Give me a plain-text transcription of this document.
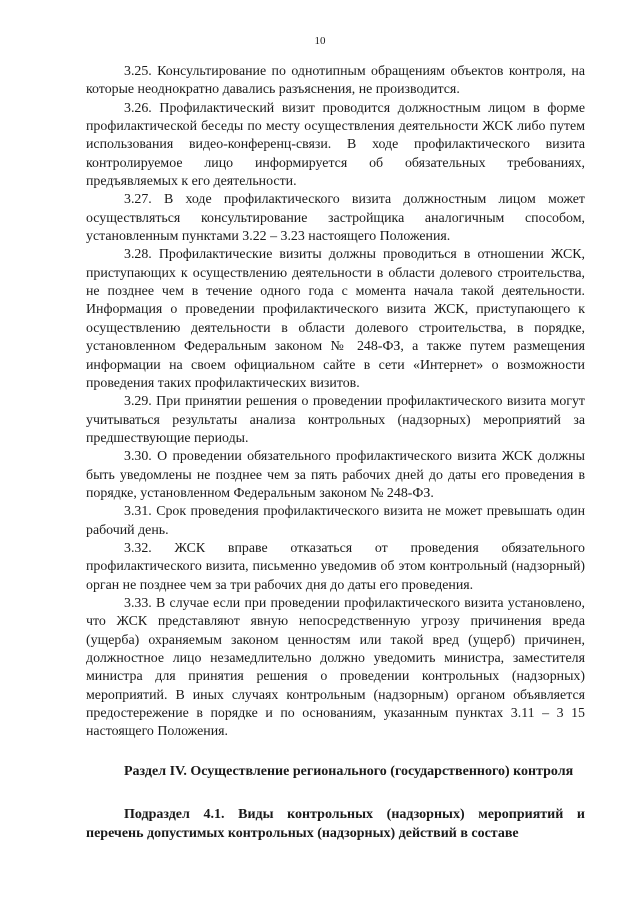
10

3.25. Консультирование по однотипным обращениям объектов контроля, на которые неоднократно давались разъяснения, не производится.

3.26. Профилактический визит проводится должностным лицом в форме профилактической беседы по месту осуществления деятельности ЖСК либо путем использования видео-конференц-связи. В ходе профилактического визита контролируемое лицо информируется об обязательных требованиях, предъявляемых к его деятельности.

3.27. В ходе профилактического визита должностным лицом может осуществляться консультирование застройщика аналогичным способом, установленным пунктами 3.22 – 3.23 настоящего Положения.

3.28. Профилактические визиты должны проводиться в отношении ЖСК, приступающих к осуществлению деятельности в области долевого строительства, не позднее чем в течение одного года с момента начала такой деятельности. Информация о проведении профилактического визита ЖСК, приступающего к осуществлению деятельности в области долевого строительства, в порядке, установленном Федеральным законом № 248-ФЗ, а также путем размещения информации на своем официальном сайте в сети «Интернет» о возможности проведения таких профилактических визитов.

3.29. При принятии решения о проведении профилактического визита могут учитываться результаты анализа контрольных (надзорных) мероприятий за предшествующие периоды.

3.30. О проведении обязательного профилактического визита ЖСК должны быть уведомлены не позднее чем за пять рабочих дней до даты его проведения в порядке, установленном Федеральным законом № 248-ФЗ.

3.31. Срок проведения профилактического визита не может превышать один рабочий день.

3.32. ЖСК вправе отказаться от проведения обязательного профилактического визита, письменно уведомив об этом контрольный (надзорный) орган не позднее чем за три рабочих дня до даты его проведения.

3.33. В случае если при проведении профилактического визита установлено, что ЖСК представляют явную непосредственную угрозу причинения вреда (ущерба) охраняемым законом ценностям или такой вред (ущерб) причинен, должностное лицо незамедлительно должно уведомить министра, заместителя министра для принятия решения о проведении контрольных (надзорных) мероприятий. В иных случаях контрольным (надзорным) органом объявляется предостережение в порядке и по основаниям, указанным пунктах 3.11 – 3 15 настоящего Положения.

Раздел IV. Осуществление регионального (государственного) контроля

Подраздел 4.1. Виды контрольных (надзорных) мероприятий и перечень допустимых контрольных (надзорных) действий в составе
